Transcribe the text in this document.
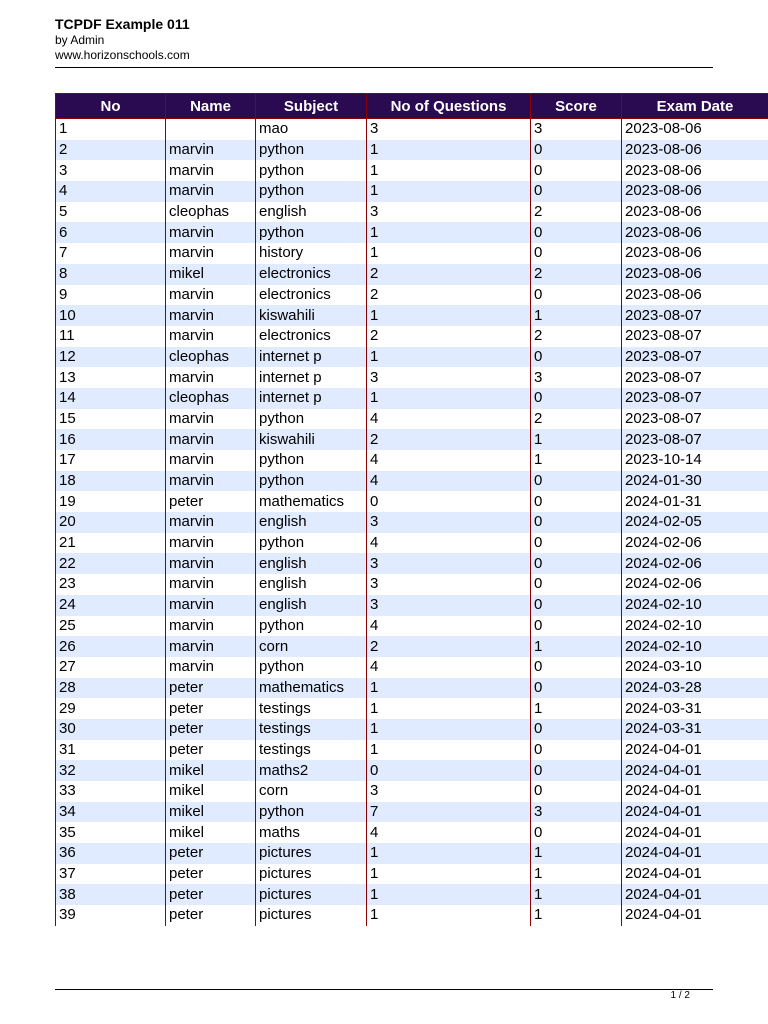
TCPDF Example 011
by Admin
www.horizonschools.com
No	Name	Subject	No of Questions	Score	Exam Date
1		mao	3	3	2023-08-06
2	marvin	python	1	0	2023-08-06
3	marvin	python	1	0	2023-08-06
4	marvin	python	1	0	2023-08-06
5	cleophas	english	3	2	2023-08-06
6	marvin	python	1	0	2023-08-06
7	marvin	history	1	0	2023-08-06
8	mikel	electronics	2	2	2023-08-06
9	marvin	electronics	2	0	2023-08-06
10	marvin	kiswahili	1	1	2023-08-07
11	marvin	electronics	2	2	2023-08-07
12	cleophas	internet p	1	0	2023-08-07
13	marvin	internet p	3	3	2023-08-07
14	cleophas	internet p	1	0	2023-08-07
15	marvin	python	4	2	2023-08-07
16	marvin	kiswahili	2	1	2023-08-07
17	marvin	python	4	1	2023-10-14
18	marvin	python	4	0	2024-01-30
19	peter	mathematics	0	0	2024-01-31
20	marvin	english	3	0	2024-02-05
21	marvin	python	4	0	2024-02-06
22	marvin	english	3	0	2024-02-06
23	marvin	english	3	0	2024-02-06
24	marvin	english	3	0	2024-02-10
25	marvin	python	4	0	2024-02-10
26	marvin	corn	2	1	2024-02-10
27	marvin	python	4	0	2024-03-10
28	peter	mathematics	1	0	2024-03-28
29	peter	testings	1	1	2024-03-31
30	peter	testings	1	0	2024-03-31
31	peter	testings	1	0	2024-04-01
32	mikel	maths2	0	0	2024-04-01
33	mikel	corn	3	0	2024-04-01
34	mikel	python	7	3	2024-04-01
35	mikel	maths	4	0	2024-04-01
36	peter	pictures	1	1	2024-04-01
37	peter	pictures	1	1	2024-04-01
38	peter	pictures	1	1	2024-04-01
39	peter	pictures	1	1	2024-04-01
1 / 2
